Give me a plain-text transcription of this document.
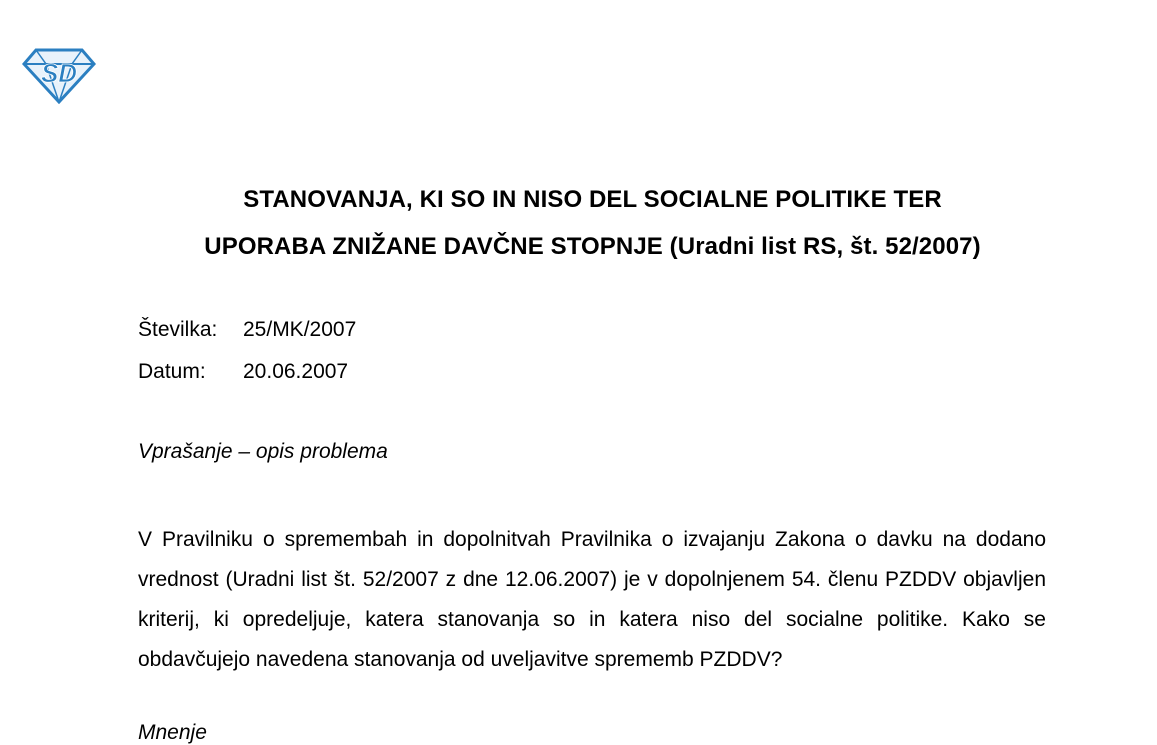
SD
STANOVANJA, KI SO IN NISO DEL SOCIALNE POLITIKE TER
UPORABA ZNIŽANE DAVČNE STOPNJE (Uradni list RS, št. 52/2007)
Številka: 25/MK/2007
Datum: 20.06.2007
Vprašanje – opis problema
V Pravilniku o spremembah in dopolnitvah Pravilnika o izvajanju Zakona o davku na dodano vrednost (Uradni list št. 52/2007 z dne 12.06.2007) je v dopolnjenem 54. členu PZDDV objavljen kriterij, ki opredeljuje, katera stanovanja so in katera niso del socialne politike. Kako se obdavčujejo navedena stanovanja od uveljavitve sprememb PZDDV?
Mnenje
